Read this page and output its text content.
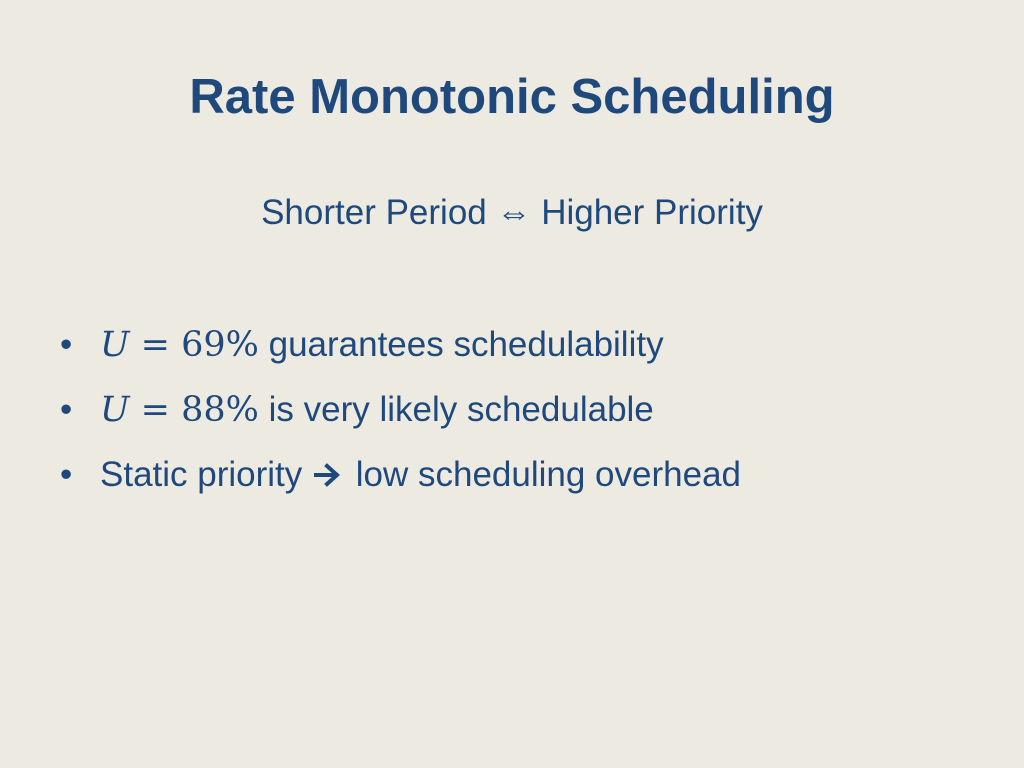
Rate Monotonic Scheduling
Shorter Period ⇔ Higher Priority
• U = 69% guarantees schedulability
• U = 88% is very likely schedulable
• Static priority low scheduling overhead
